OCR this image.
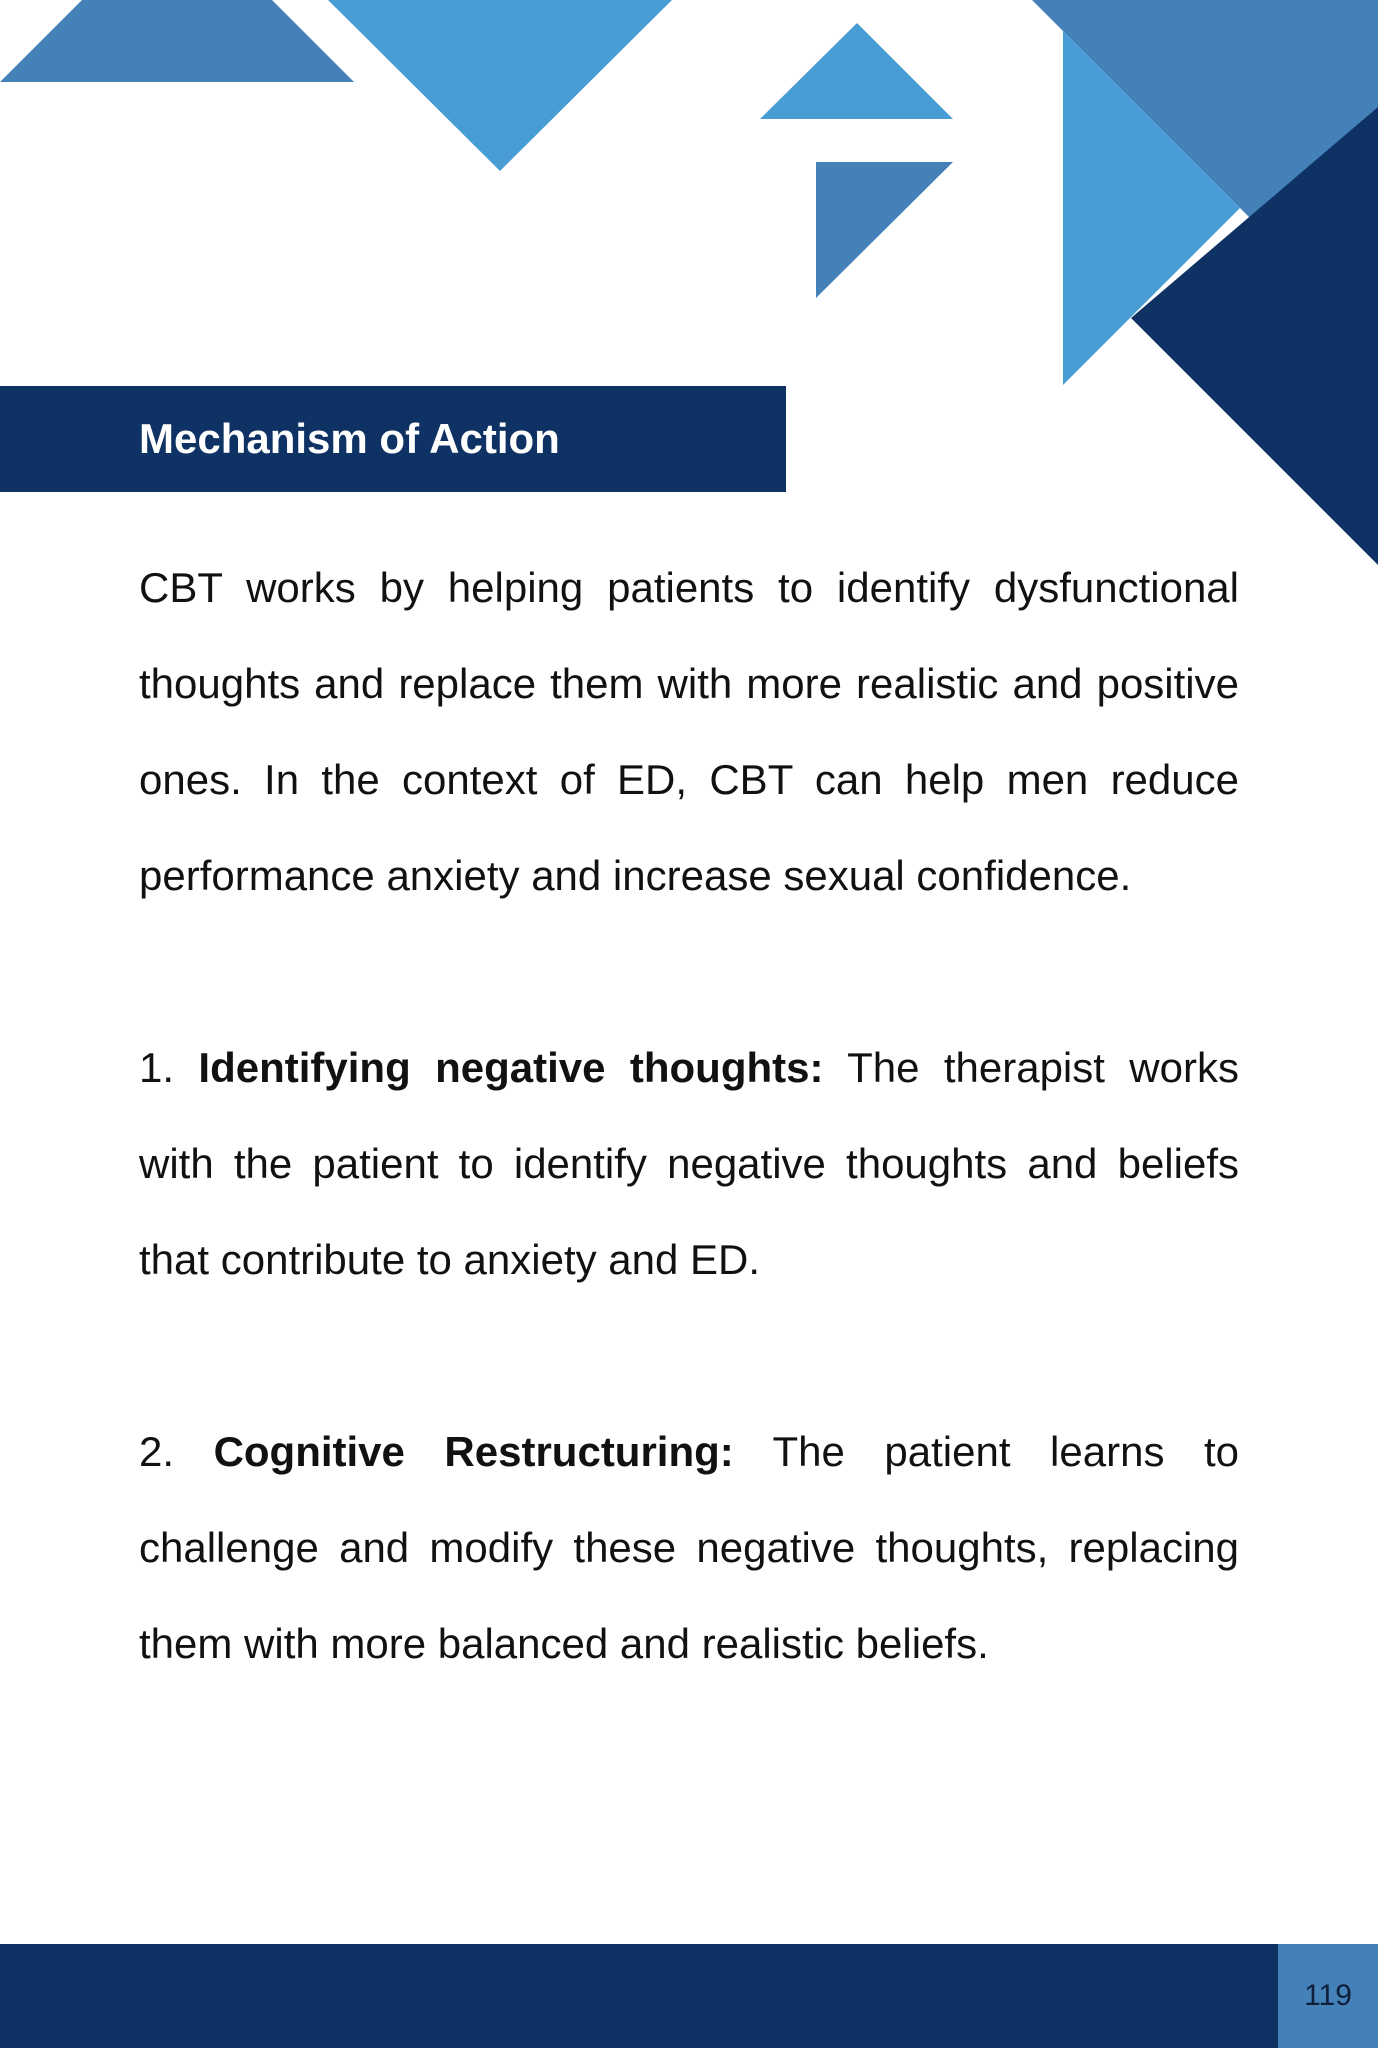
Mechanism of Action

CBT works by helping patients to identify dysfunctional thoughts and replace them with more realistic and positive ones. In the context of ED, CBT can help men reduce performance anxiety and increase sexual confidence.

1. Identifying negative thoughts: The therapist works with the patient to identify negative thoughts and beliefs that contribute to anxiety and ED.

2. Cognitive Restructuring: The patient learns to challenge and modify these negative thoughts, replacing them with more balanced and realistic beliefs.

119
